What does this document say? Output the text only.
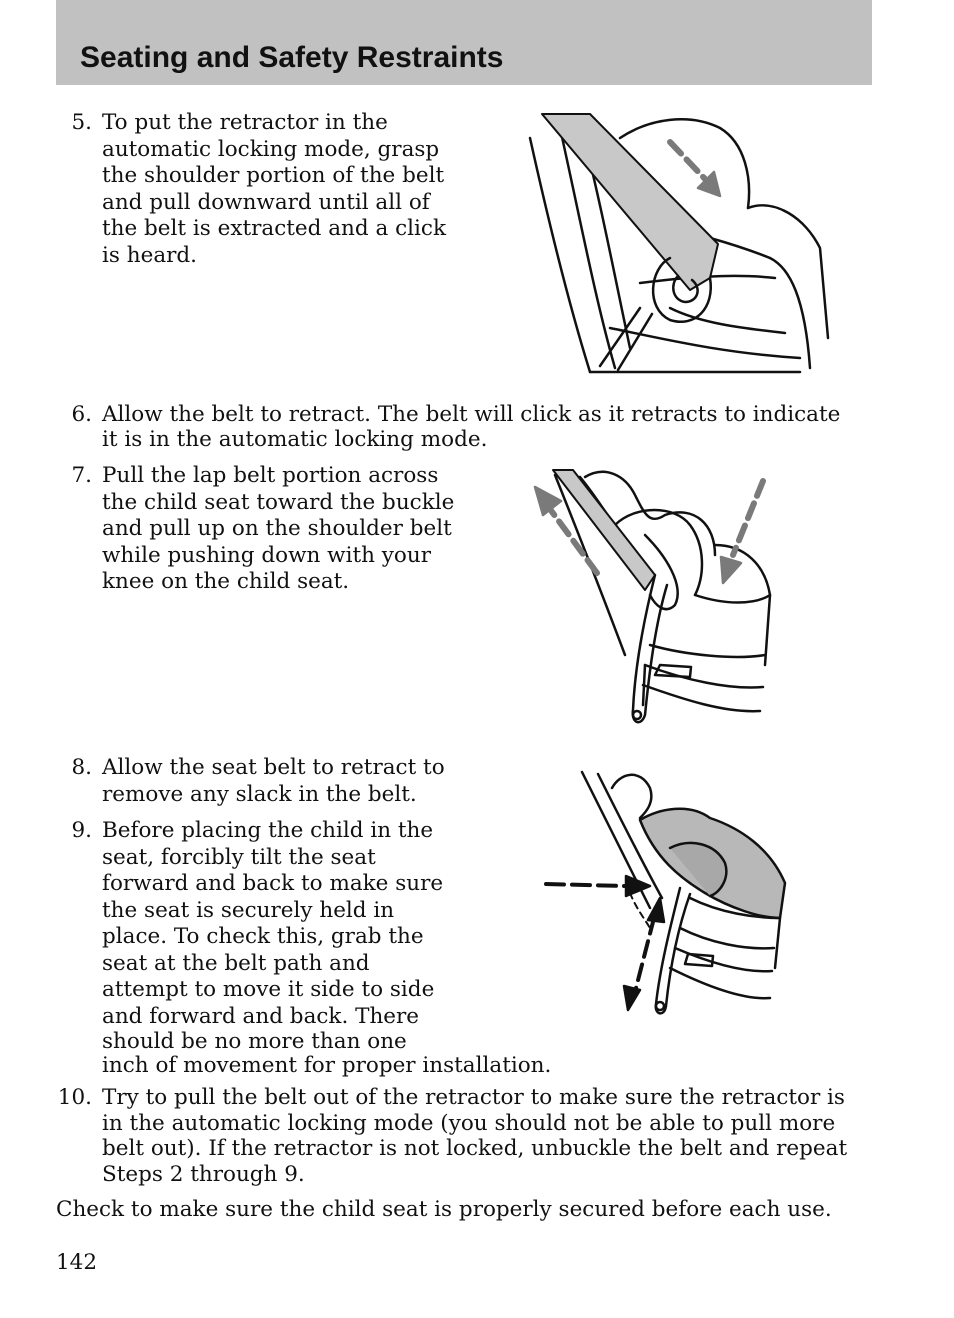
Seating and Safety Restraints
5. To put the retractor in the
automatic locking mode, grasp
the shoulder portion of the belt
and pull downward until all of
the belt is extracted and a click
is heard.
6. Allow the belt to retract. The belt will click as it retracts to indicate
it is in the automatic locking mode.
7. Pull the lap belt portion across
the child seat toward the buckle
and pull up on the shoulder belt
while pushing down with your
knee on the child seat.
8. Allow the seat belt to retract to
remove any slack in the belt.
9. Before placing the child in the
seat, forcibly tilt the seat
forward and back to make sure
the seat is securely held in
place. To check this, grab the
seat at the belt path and
attempt to move it side to side
and forward and back. There
should be no more than one
inch of movement for proper installation.
10. Try to pull the belt out of the retractor to make sure the retractor is
in the automatic locking mode (you should not be able to pull more
belt out). If the retractor is not locked, unbuckle the belt and repeat
Steps 2 through 9.
Check to make sure the child seat is properly secured before each use.
142
